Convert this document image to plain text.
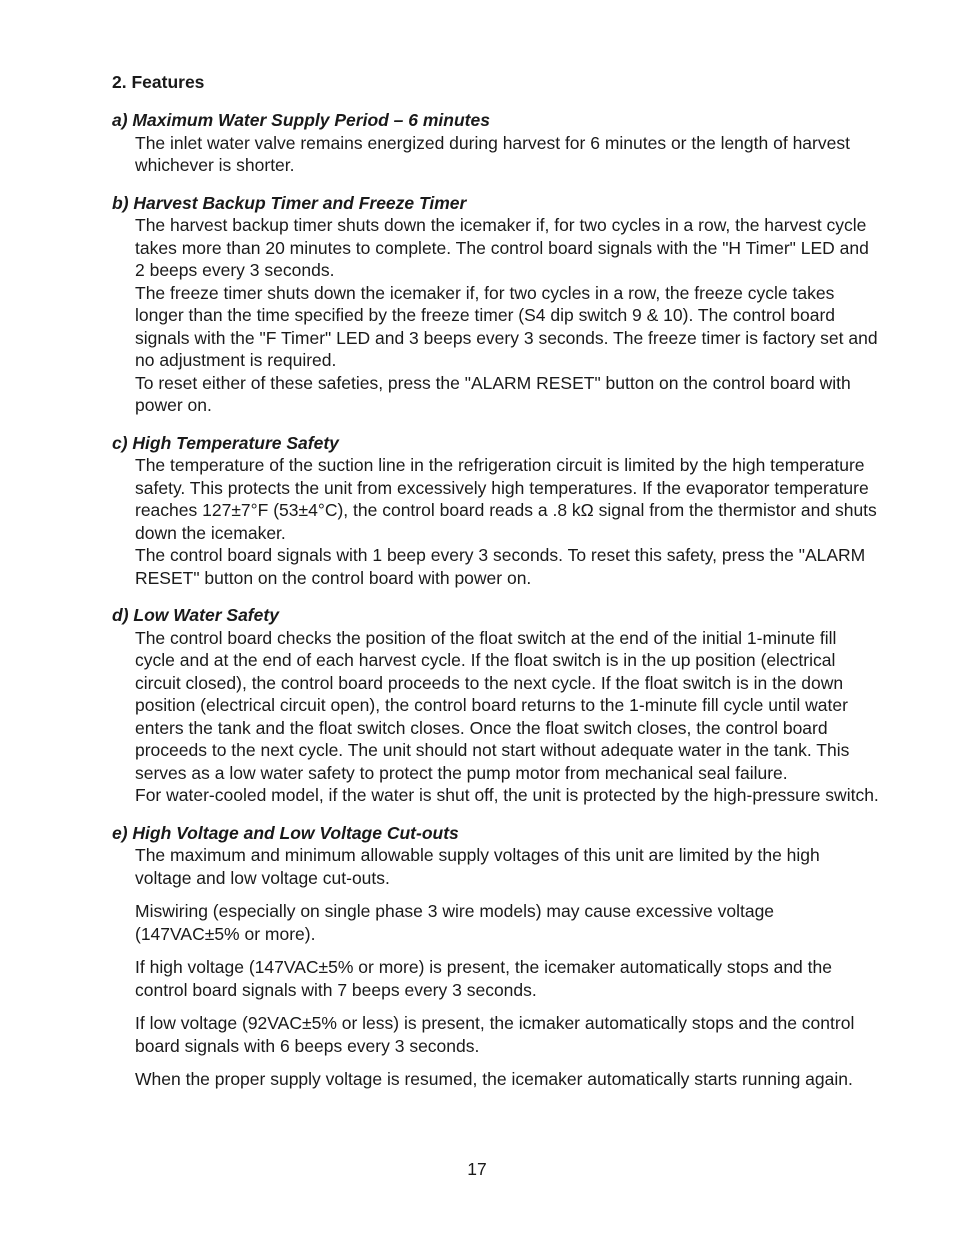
2. Features
a) Maximum Water Supply Period – 6 minutes

The inlet water valve remains energized during harvest for 6 minutes or the length of harvest whichever is shorter.

b) Harvest Backup Timer and Freeze Timer

The harvest backup timer shuts down the icemaker if, for two cycles in a row, the harvest cycle takes more than 20 minutes to complete. The control board signals with the "H Timer" LED and 2 beeps every 3 seconds.

The freeze timer shuts down the icemaker if, for two cycles in a row, the freeze cycle takes longer than the time specified by the freeze timer (S4 dip switch 9 & 10). The control board signals with the "F Timer" LED and 3 beeps every 3 seconds. The freeze timer is factory set and no adjustment is required.

To reset either of these safeties, press the "ALARM RESET" button on the control board with power on.

c) High Temperature Safety

The temperature of the suction line in the refrigeration circuit is limited by the high temperature safety. This protects the unit from excessively high temperatures. If the evaporator temperature reaches 127±7°F (53±4°C), the control board reads a .8 kΩ signal from the thermistor and shuts down the icemaker.

The control board signals with 1 beep every 3 seconds. To reset this safety, press the "ALARM RESET" button on the control board with power on.

d) Low Water Safety

The control board checks the position of the float switch at the end of the initial 1-minute fill cycle and at the end of each harvest cycle. If the float switch is in the up position (electrical circuit closed), the control board proceeds to the next cycle. If the float switch is in the down position (electrical circuit open), the control board returns to the 1-minute fill cycle until water enters the tank and the float switch closes. Once the float switch closes, the control board proceeds to the next cycle. The unit should not start without adequate water in the tank. This serves as a low water safety to protect the pump motor from mechanical seal failure.

For water-cooled model, if the water is shut off, the unit is protected by the high-pressure switch.

e) High Voltage and Low Voltage Cut-outs

The maximum and minimum allowable supply voltages of this unit are limited by the high voltage and low voltage cut-outs.

Miswiring (especially on single phase 3 wire models) may cause excessive voltage (147VAC±5% or more).

If high voltage (147VAC±5% or more) is present, the icemaker automatically stops and the control board signals with 7 beeps every 3 seconds.

If low voltage (92VAC±5% or less) is present, the icmaker automatically stops and the control board signals with 6 beeps every 3 seconds.

When the proper supply voltage is resumed, the icemaker automatically starts running again.

17
